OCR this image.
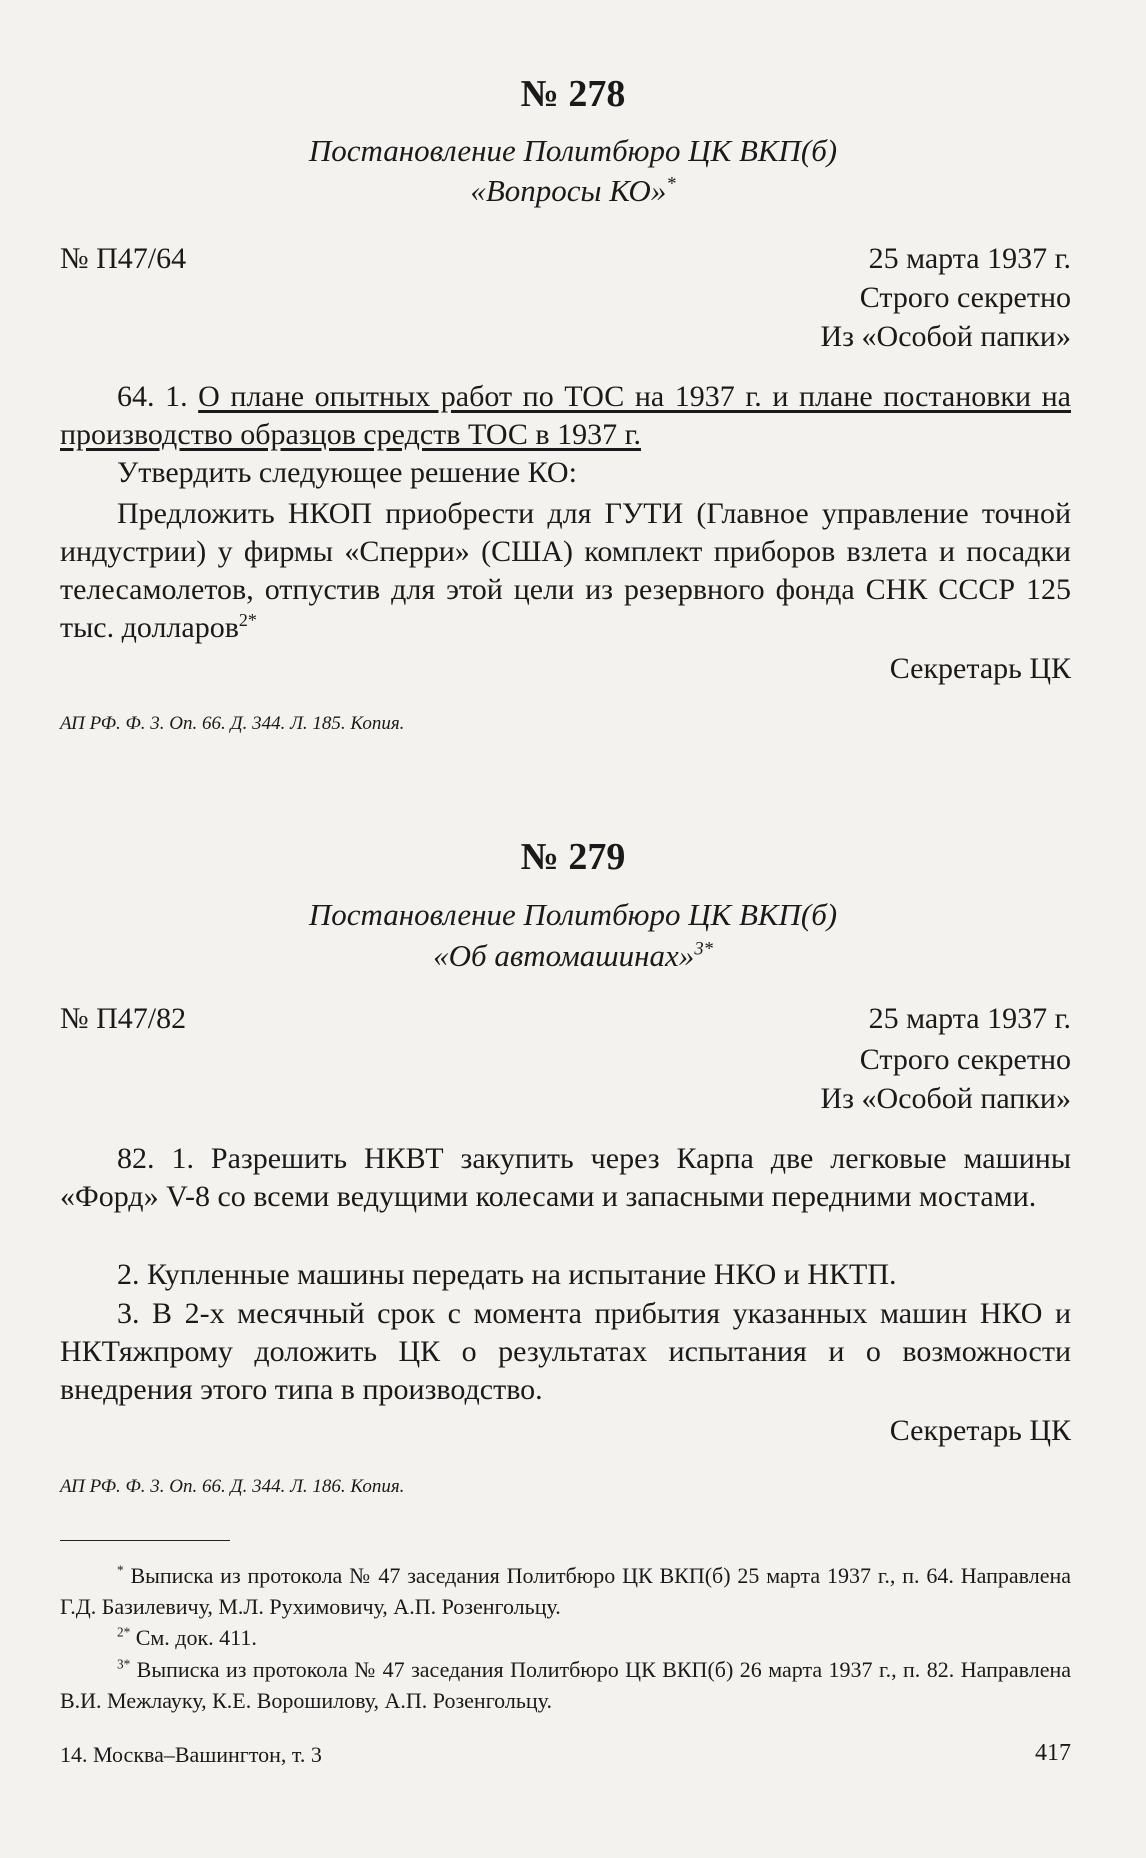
№ 278
Постановление Политбюро ЦК ВКП(б)
«Вопросы КО»*
№ П47/64	25 марта 1937 г.
Строго секретно
Из «Особой папки»

64. 1. О плане опытных работ по ТОС на 1937 г. и плане постановки на производство образцов средств ТОС в 1937 г.

Утвердить следующее решение КО:

Предложить НКОП приобрести для ГУТИ (Главное управление точной индустрии) у фирмы «Сперри» (США) комплект приборов взлета и посадки телесамолетов, отпустив для этой цели из резервного фонда СНК СССР 125 тыс. долларов$^{2*}$

Секретарь ЦК
АП РФ. Ф. 3. Оп. 66. Д. 344. Л. 185. Копия.
№ 279
Постановление Политбюро ЦК ВКП(б)
«Об автомашинах»$^{3*}$
№ П47/82	25 марта 1937 г.
Строго секретно
Из «Особой папки»

82. 1. Разрешить НКВТ закупить через Карпа две легковые машины «Форд» V-8 со всеми ведущими колесами и запасными передними мостами.

2. Купленные машины передать на испытание НКО и НКТП.

3. В 2-х месячный срок с момента прибытия указанных машин НКО и НКТяжпрому доложить ЦК о результатах испытания и о возможности внедрения этого типа в производство.

Секретарь ЦК
АП РФ. Ф. 3. Оп. 66. Д. 344. Л. 186. Копия.

* Выписка из протокола № 47 заседания Политбюро ЦК ВКП(б) 25 марта 1937 г., п. 64. Направлена Г.Д. Базилевичу, М.Л. Рухимовичу, А.П. Розенгольцу.

$^{2*}$ См. док. 411.

$^{3*}$ Выписка из протокола № 47 заседания Политбюро ЦК ВКП(б) 26 марта 1937 г., п. 82. Направлена В.И. Межлауку, К.Е. Ворошилову, А.П. Розенгольцу.

14. Москва–Вашингтон, т. 3	417
